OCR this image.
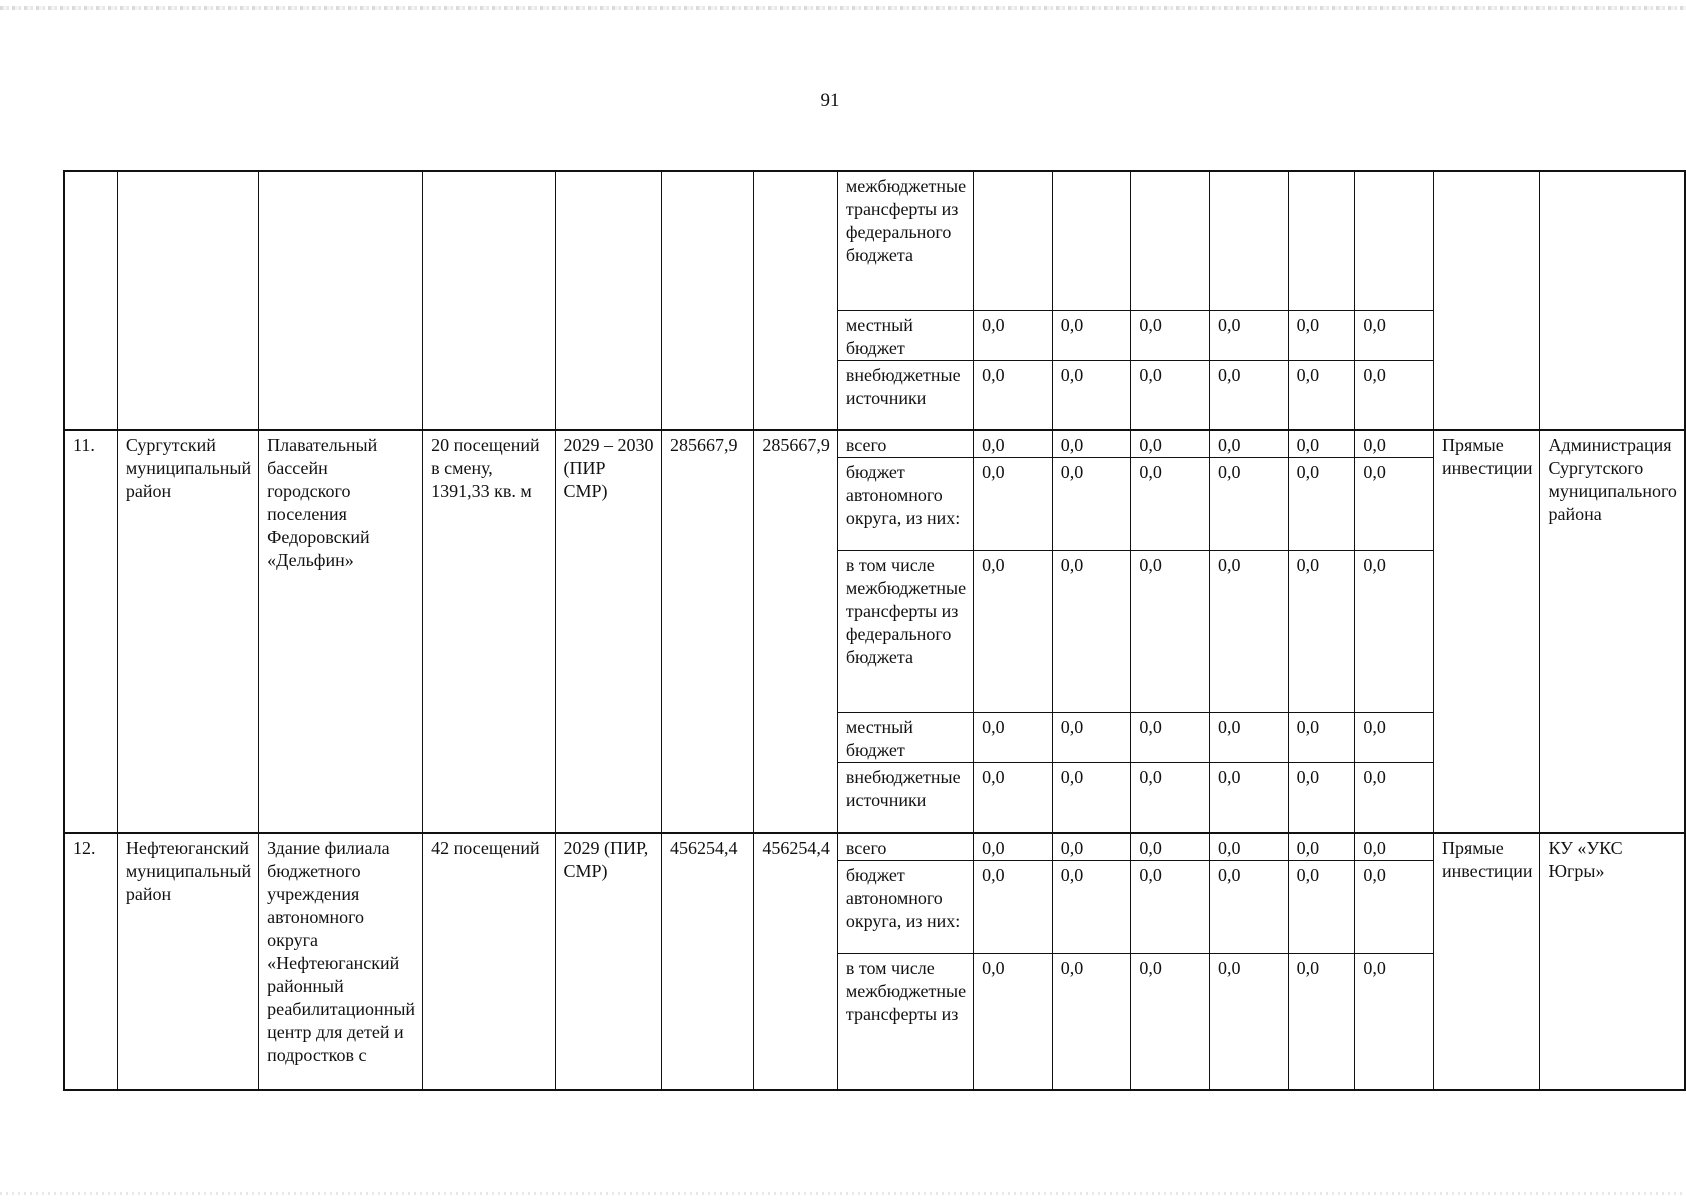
91
							межбюджетные трансферты из федерального бюджета								
							местный бюджет	0,0	0,0	0,0	0,0	0,0	0,0		
							внебюджетные источники	0,0	0,0	0,0	0,0	0,0	0,0		
11.	Сургутский муниципальный район	Плавательный бассейн городского поселения Федоровский «Дельфин»	20 посещений в смену, 1391,33 кв. м	2029 – 2030 (ПИР СМР)	285667,9	285667,9	всего	0,0	0,0	0,0	0,0	0,0	0,0	Прямые инвестиции	Администрация Сургутского муниципального района
							бюджет автономного округа, из них:	0,0	0,0	0,0	0,0	0,0	0,0		
							в том числе межбюджетные трансферты из федерального бюджета	0,0	0,0	0,0	0,0	0,0	0,0		
							местный бюджет	0,0	0,0	0,0	0,0	0,0	0,0		
							внебюджетные источники	0,0	0,0	0,0	0,0	0,0	0,0		
12.	Нефтеюганский муниципальный район	Здание филиала бюджетного учреждения автономного округа «Нефтеюганский районный реабилитационный центр для детей и подростков с	42 посещений	2029 (ПИР, СМР)	456254,4	456254,4	всего	0,0	0,0	0,0	0,0	0,0	0,0	Прямые инвестиции	КУ «УКС Югры»
							бюджет автономного округа, из них:	0,0	0,0	0,0	0,0	0,0	0,0		
							в том числе межбюджетные трансферты из	0,0	0,0	0,0	0,0	0,0	0,0		
